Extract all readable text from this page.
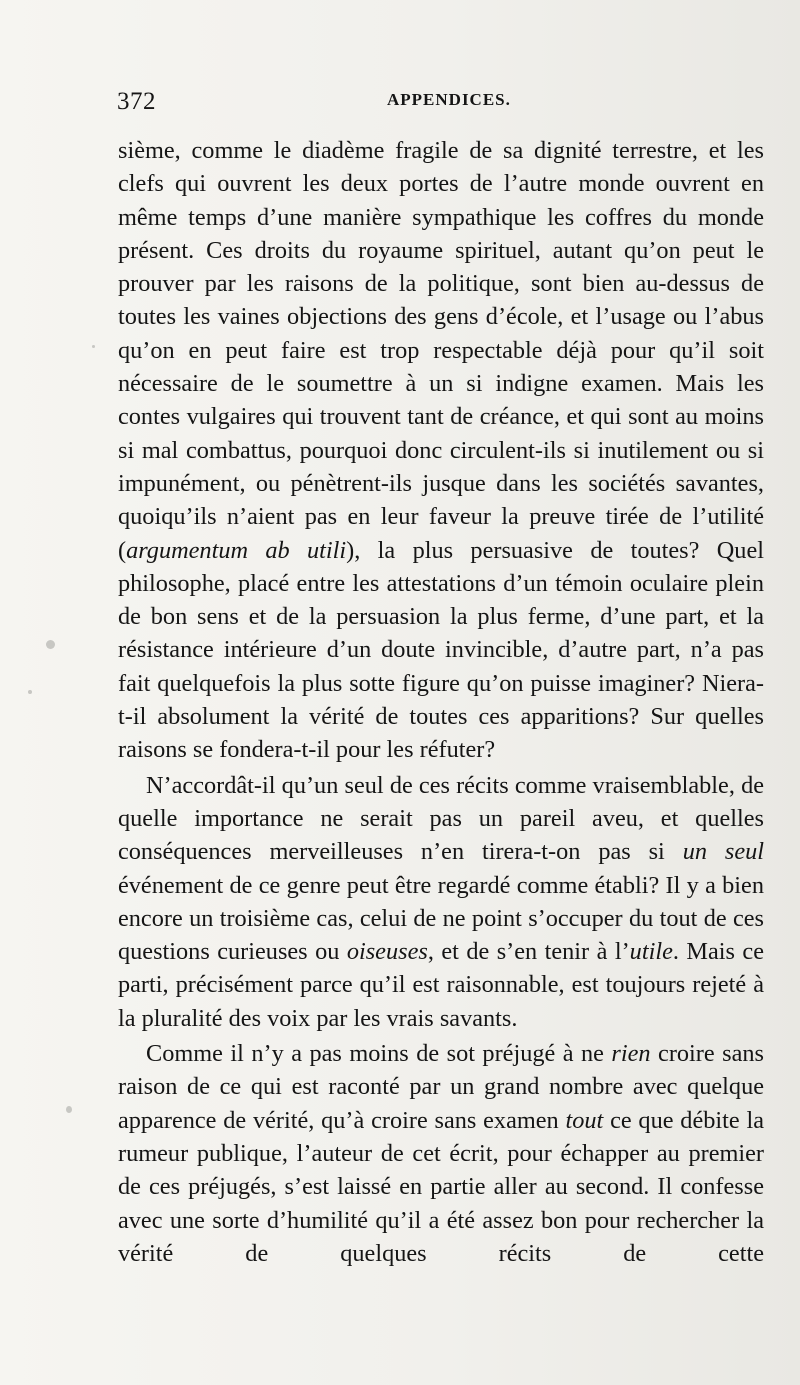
372	APPENDICES.

sième, comme le diadème fragile de sa dignité terrestre, et les clefs qui ouvrent les deux portes de l’autre monde ouvrent en même temps d’une manière sympathique les coffres du monde présent. Ces droits du royaume spirituel, autant qu’on peut le prouver par les raisons de la politique, sont bien au-dessus de toutes les vaines objections des gens d’école, et l’usage ou l’abus qu’on en peut faire est trop respectable déjà pour qu’il soit nécessaire de le soumettre à un si indigne examen. Mais les contes vulgaires qui trouvent tant de créance, et qui sont au moins si mal combattus, pourquoi donc circulent-ils si inutilement ou si impunément, ou pénètrent-ils jusque dans les sociétés savantes, quoiqu’ils n’aient pas en leur faveur la preuve tirée de l’utilité (argumentum ab utili), la plus persuasive de toutes? Quel philosophe, placé entre les attestations d’un témoin oculaire plein de bon sens et de la persuasion la plus ferme, d’une part, et la résistance intérieure d’un doute invincible, d’autre part, n’a pas fait quelquefois la plus sotte figure qu’on puisse imaginer? Niera-t-il absolument la vérité de toutes ces apparitions? Sur quelles raisons se fondera-t-il pour les réfuter?

N’accordât-il qu’un seul de ces récits comme vraisemblable, de quelle importance ne serait pas un pareil aveu, et quelles conséquences merveilleuses n’en tirera-t-on pas si un seul événement de ce genre peut être regardé comme établi? Il y a bien encore un troisième cas, celui de ne point s’occuper du tout de ces questions curieuses ou oiseuses, et de s’en tenir à l’utile. Mais ce parti, précisément parce qu’il est raisonnable, est toujours rejeté à la pluralité des voix par les vrais savants.

Comme il n’y a pas moins de sot préjugé à ne rien croire sans raison de ce qui est raconté par un grand nombre avec quelque apparence de vérité, qu’à croire sans examen tout ce que débite la rumeur publique, l’auteur de cet écrit, pour échapper au premier de ces préjugés, s’est laissé en partie aller au second. Il confesse avec une sorte d’humilité qu’il a été assez bon pour rechercher la vérité de quelques récits de cette
